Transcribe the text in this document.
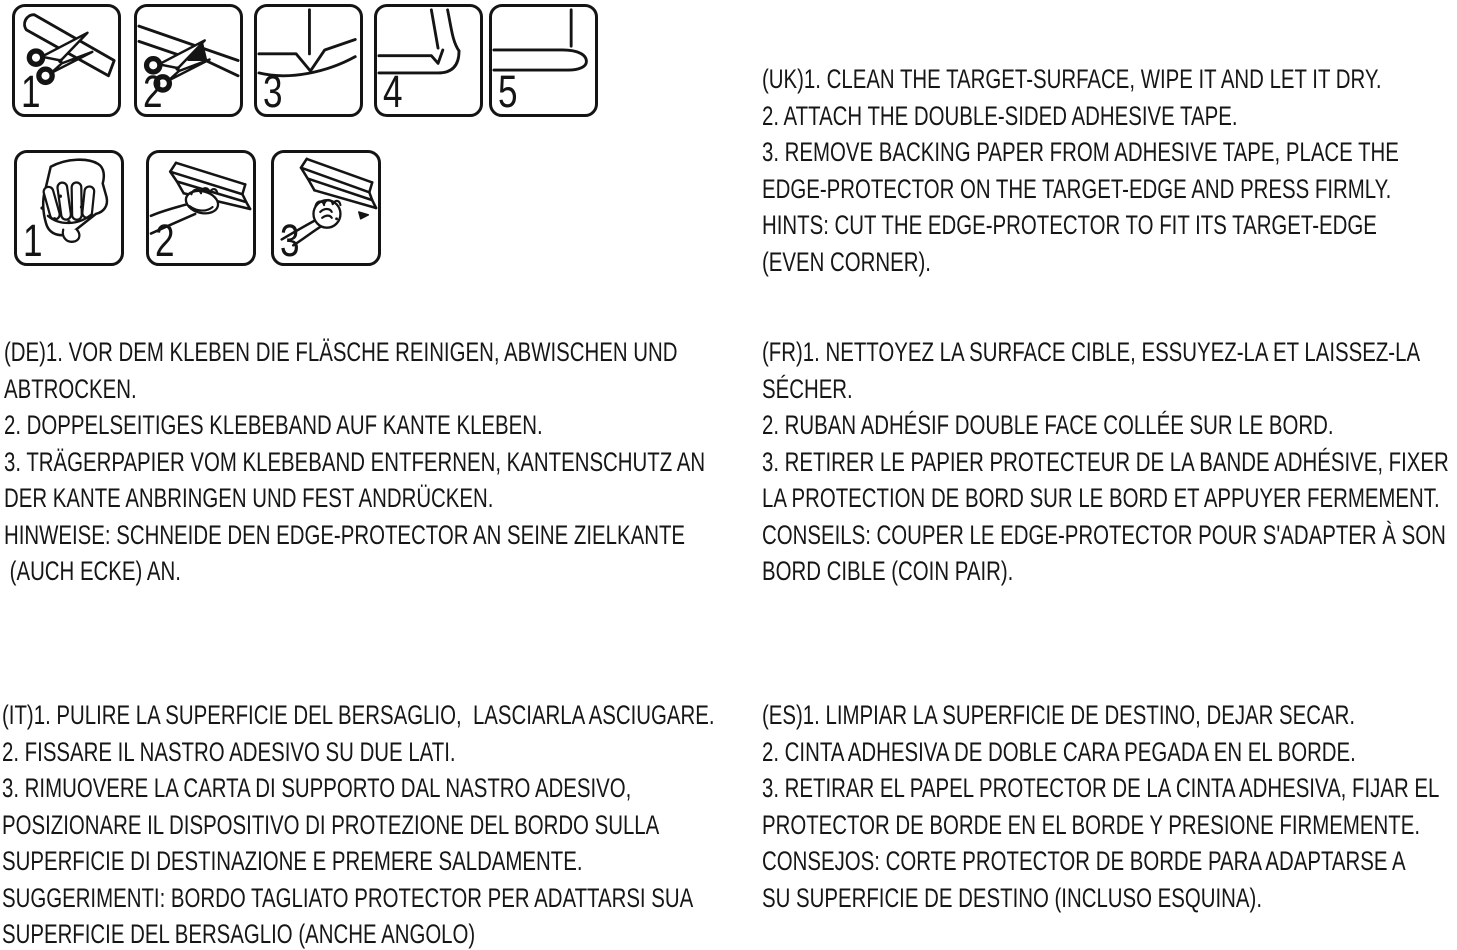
1 2 3 4 5
1 2 3
(UK)1. CLEAN THE TARGET-SURFACE, WIPE IT AND LET IT DRY.
2. ATTACH THE DOUBLE-SIDED ADHESIVE TAPE.
3. REMOVE BACKING PAPER FROM ADHESIVE TAPE, PLACE THE
EDGE-PROTECTOR ON THE TARGET-EDGE AND PRESS FIRMLY.
HINTS: CUT THE EDGE-PROTECTOR TO FIT ITS TARGET-EDGE
(EVEN CORNER).
(DE)1. VOR DEM KLEBEN DIE FLÄSCHE REINIGEN, ABWISCHEN UND
ABTROCKEN.
2. DOPPELSEITIGES KLEBEBAND AUF KANTE KLEBEN.
3. TRÄGERPAPIER VOM KLEBEBAND ENTFERNEN, KANTENSCHUTZ AN
DER KANTE ANBRINGEN UND FEST ANDRÜCKEN.
HINWEISE: SCHNEIDE DEN EDGE-PROTECTOR AN SEINE ZIELKANTE
(AUCH ECKE) AN.
(FR)1. NETTOYEZ LA SURFACE CIBLE, ESSUYEZ-LA ET LAISSEZ-LA
SÉCHER.
2. RUBAN ADHÉSIF DOUBLE FACE COLLÉE SUR LE BORD.
3. RETIRER LE PAPIER PROTECTEUR DE LA BANDE ADHÉSIVE, FIXER
LA PROTECTION DE BORD SUR LE BORD ET APPUYER FERMEMENT.
CONSEILS: COUPER LE EDGE-PROTECTOR POUR S'ADAPTER À SON
BORD CIBLE (COIN PAIR).
(IT)1. PULIRE LA SUPERFICIE DEL BERSAGLIO,  LASCIARLA ASCIUGARE.
2. FISSARE IL NASTRO ADESIVO SU DUE LATI.
3. RIMUOVERE LA CARTA DI SUPPORTO DAL NASTRO ADESIVO,
POSIZIONARE IL DISPOSITIVO DI PROTEZIONE DEL BORDO SULLA
SUPERFICIE DI DESTINAZIONE E PREMERE SALDAMENTE.
SUGGERIMENTI: BORDO TAGLIATO PROTECTOR PER ADATTARSI SUA
SUPERFICIE DEL BERSAGLIO (ANCHE ANGOLO)
(ES)1. LIMPIAR LA SUPERFICIE DE DESTINO, DEJAR SECAR.
2. CINTA ADHESIVA DE DOBLE CARA PEGADA EN EL BORDE.
3. RETIRAR EL PAPEL PROTECTOR DE LA CINTA ADHESIVA, FIJAR EL
PROTECTOR DE BORDE EN EL BORDE Y PRESIONE FIRMEMENTE.
CONSEJOS: CORTE PROTECTOR DE BORDE PARA ADAPTARSE A
SU SUPERFICIE DE DESTINO (INCLUSO ESQUINA).
